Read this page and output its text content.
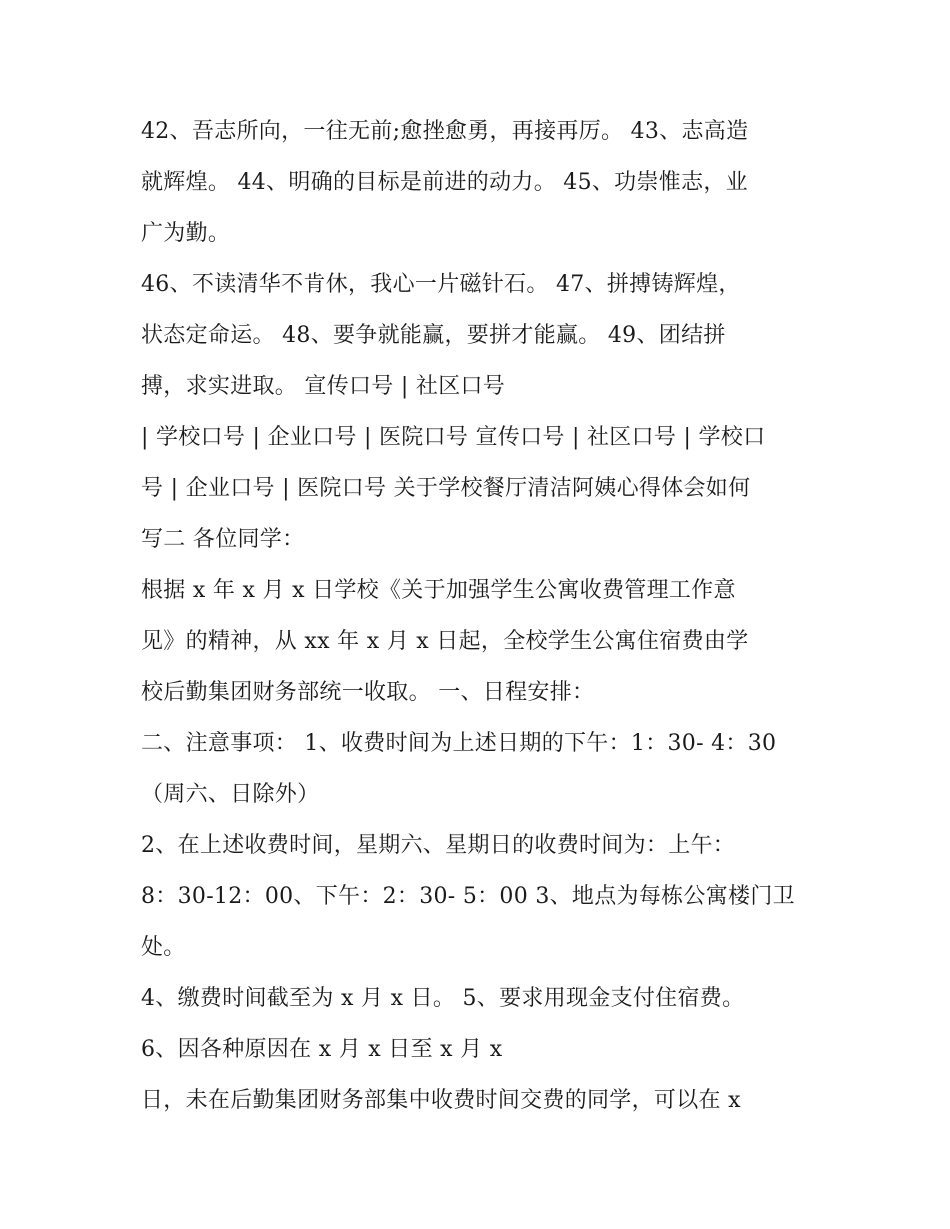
42、吾志所向，一往无前;愈挫愈勇，再接再厉。 43、志高造
就辉煌。 44、明确的目标是前进的动力。 45、功崇惟志，业
广为勤。
46、不读清华不肯休，我心一片磁针石。 47、拼搏铸辉煌，
状态定命运。 48、要争就能赢，要拼才能赢。 49、团结拼
搏，求实进取。 宣传口号 | 社区口号
| 学校口号 | 企业口号 | 医院口号 宣传口号 | 社区口号 | 学校口
号 | 企业口号 | 医院口号 关于学校餐厅清洁阿姨心得体会如何
写二 各位同学：
根据 x 年 x 月 x 日学校《关于加强学生公寓收费管理工作意
见》的精神，从 xx 年 x 月 x 日起，全校学生公寓住宿费由学
校后勤集团财务部统一收取。 一、日程安排：
二、注意事项： 1、收费时间为上述日期的下午：1：30- 4：30
（周六、日除外）
2、在上述收费时间，星期六、星期日的收费时间为：上午：
8：30-12：00、下午：2：30- 5：00 3、地点为每栋公寓楼门卫
处。
4、缴费时间截至为 x 月 x 日。 5、要求用现金支付住宿费。
6、因各种原因在 x 月 x 日至 x 月 x
日，未在后勤集团财务部集中收费时间交费的同学，可以在 x
